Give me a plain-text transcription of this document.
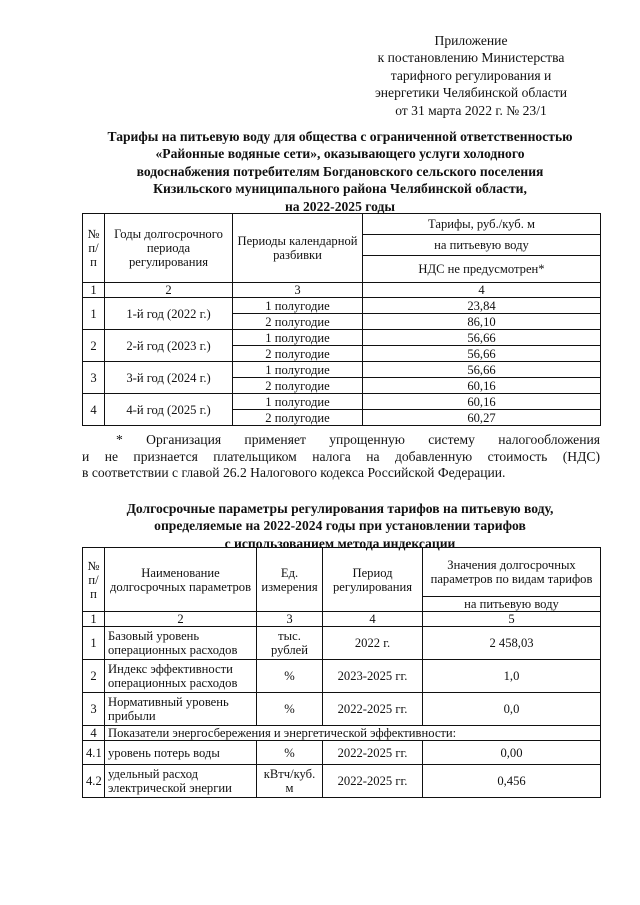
Приложение
к постановлению Министерства
тарифного регулирования и
энергетики Челябинской области
от 31 марта 2022 г. № 23/1
Тарифы на питьевую воду для общества с ограниченной ответственностью
«Районные водяные сети», оказывающего услуги холодного
водоснабжения потребителям Богдановского сельского поселения
Кизильского муниципального района Челябинской области,
на 2022-2025 годы
№ п/п	Годы долгосрочного периода регулирования	Периоды календарной разбивки	Тарифы, руб./куб. м
			на питьевую воду
			НДС не предусмотрен*
1	2	3	4
1	1-й год (2022 г.)	1 полугодие	23,84
		2 полугодие	86,10
2	2-й год (2023 г.)	1 полугодие	56,66
		2 полугодие	56,66
3	3-й год (2024 г.)	1 полугодие	56,66
		2 полугодие	60,16
4	4-й год (2025 г.)	1 полугодие	60,16
		2 полугодие	60,27
* Организация применяет упрощенную систему налогообложения
и не признается плательщиком налога на добавленную стоимость (НДС)
в соответствии с главой 26.2 Налогового кодекса Российской Федерации.
Долгосрочные параметры регулирования тарифов на питьевую воду,
определяемые на 2022-2024 годы при установлении тарифов
с использованием метода индексации
№ п/п	Наименование долгосрочных параметров	Ед. измерения	Период регулирования	Значения долгосрочных параметров по видам тарифов
				на питьевую воду
1	2	3	4	5
1	Базовый уровень операционных расходов	тыс. рублей	2022 г.	2 458,03
2	Индекс эффективности операционных расходов	%	2023-2025 гг.	1,0
3	Нормативный уровень прибыли	%	2022-2025 гг.	0,0
4	Показатели энергосбережения и энергетической эффективности:			
4.1	уровень потерь воды	%	2022-2025 гг.	0,00
4.2	удельный расход электрической энергии	кВтч/куб. м	2022-2025 гг.	0,456
